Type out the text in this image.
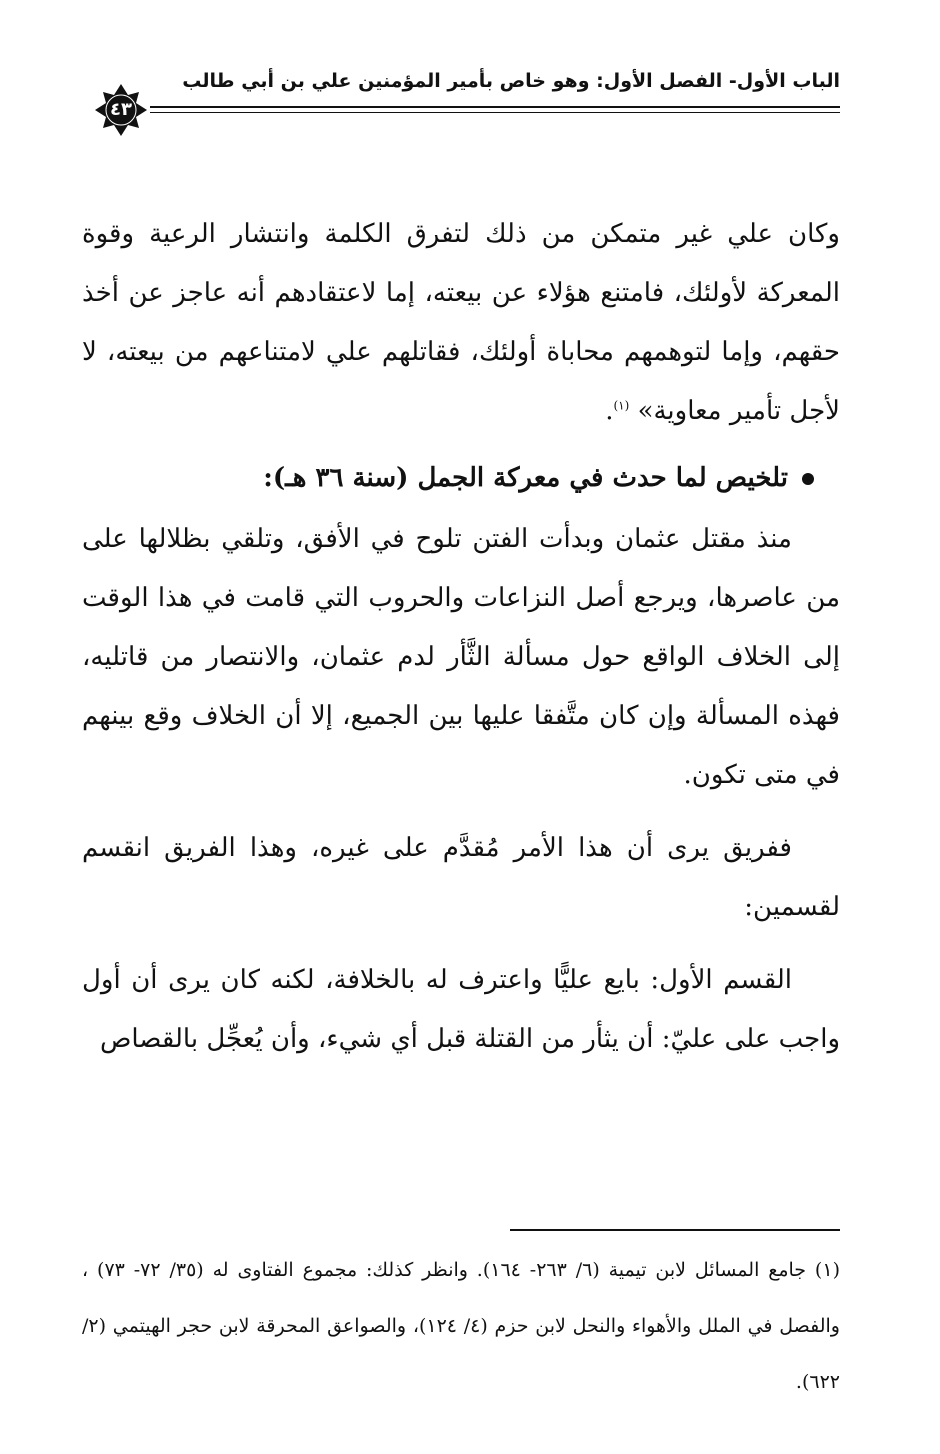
الباب الأول- الفصل الأول: وهو خاص بأمير المؤمنين علي بن أبي طالب
٤٣

وكان علي غير متمكن من ذلك لتفرق الكلمة وانتشار الرعية وقوة المعركة لأولئك، فامتنع هؤلاء عن بيعته، إما لاعتقادهم أنه عاجز عن أخذ حقهم، وإما لتوهمهم محاباة أولئك، فقاتلهم علي لامتناعهم من بيعته، لا لأجل تأمير معاوية» $^{(١)}$.

تلخيص لما حدث في معركة الجمل (سنة ٣٦ هـ):

منذ مقتل عثمان وبدأت الفتن تلوح في الأفق، وتلقي بظلالها على من عاصرها، ويرجع أصل النزاعات والحروب التي قامت في هذا الوقت إلى الخلاف الواقع حول مسألة الثَّأر لدم عثمان، والانتصار من قاتليه، فهذه المسألة وإن كان متَّفقا عليها بين الجميع، إلا أن الخلاف وقع بينهم في متى تكون.

ففريق يرى أن هذا الأمر مُقدَّم على غيره، وهذا الفريق انقسم لقسمين:

القسم الأول: بايع عليًّا واعترف له بالخلافة، لكنه كان يرى أن أول واجب على عليّ: أن يثأر من القتلة قبل أي شيء، وأن يُعجِّل بالقصاص

(١) جامع المسائل لابن تيمية (٦/ ٢٦٣- ١٦٤). وانظر كذلك: مجموع الفتاوى له (٣٥/ ٧٢- ٧٣) ، والفصل في الملل والأهواء والنحل لابن حزم (٤/ ١٢٤)، والصواعق المحرقة لابن حجر الهيتمي (٢/ ٦٢٢).
